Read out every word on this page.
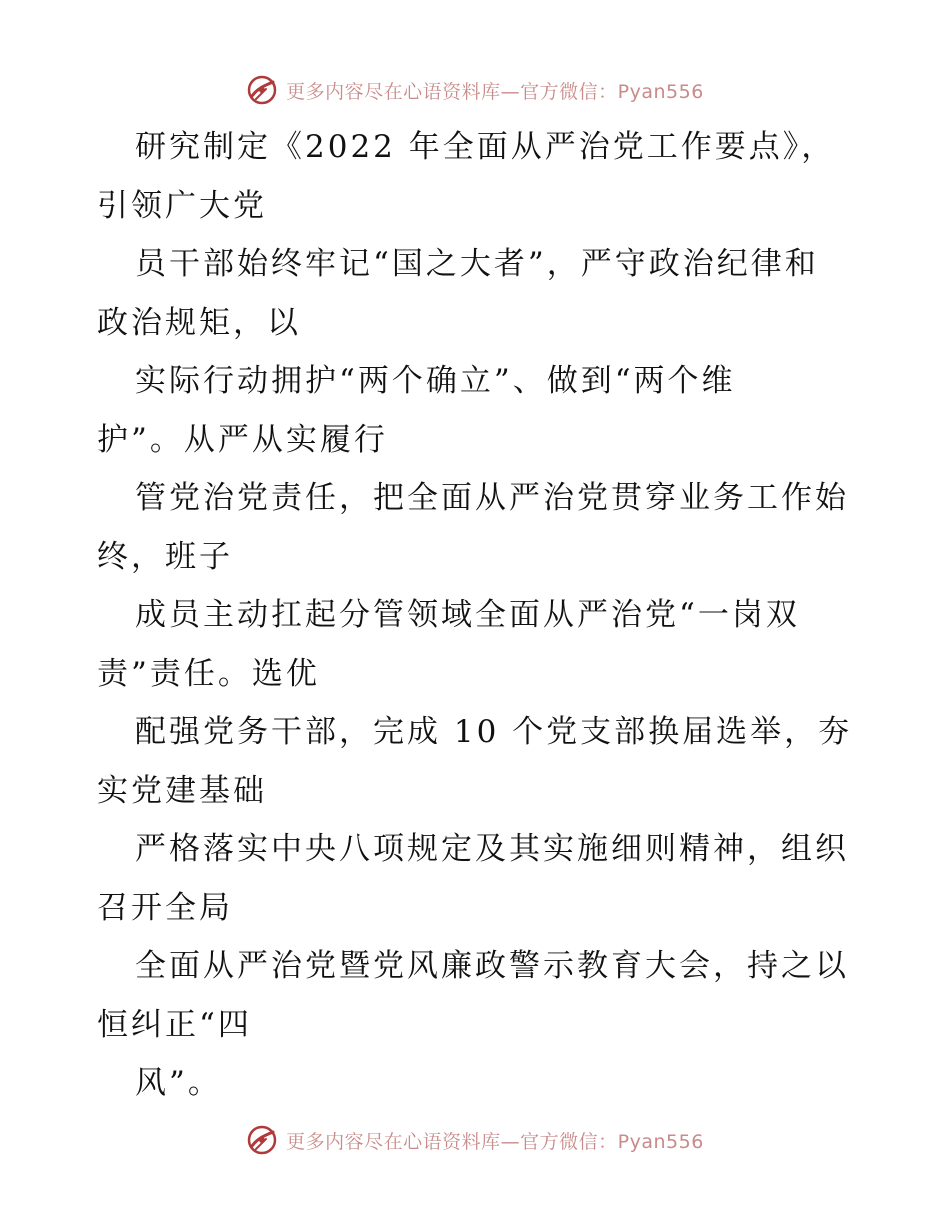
更多内容尽在心语资料库—官方微信：Pyan556
研究制定《2022 年全面从严治党工作要点》，
引领广大党
员干部始终牢记“国之大者”，严守政治纪律和
政治规矩，以
实际行动拥护“两个确立”、做到“两个维
护”。从严从实履行
管党治党责任，把全面从严治党贯穿业务工作始
终，班子
成员主动扛起分管领域全面从严治党“一岗双
责”责任。选优
配强党务干部，完成 10 个党支部换届选举，夯
实党建基础
严格落实中央八项规定及其实施细则精神，组织
召开全局
全面从严治党暨党风廉政警示教育大会，持之以
恒纠正“四
风”。
更多内容尽在心语资料库—官方微信：Pyan556
